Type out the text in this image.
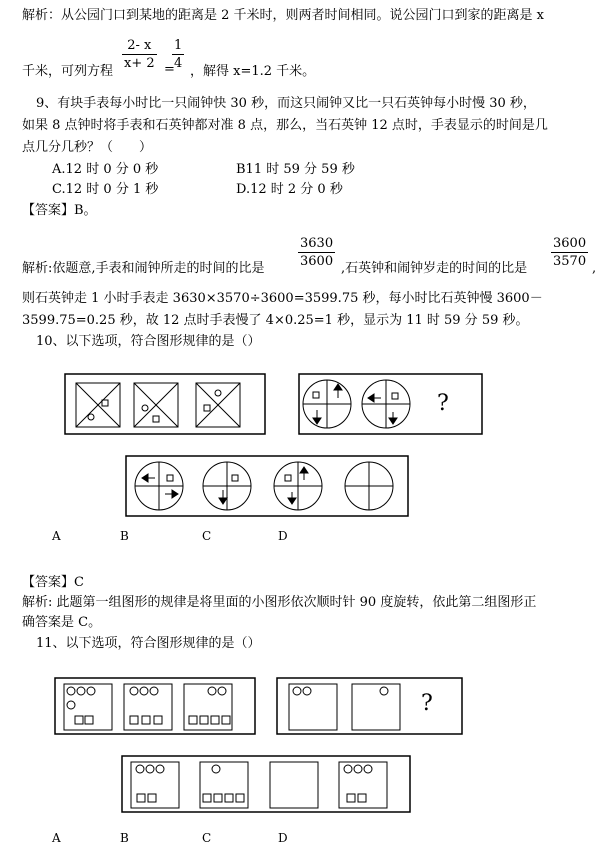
解析：从公园门口到某地的距离是 2 千米时，则两者时间相同。说公园门口到家的距离是 x
2- x
x+ 2 =
1
4
千米，可列方程	，解得 x=1.2 千米。
9、有块手表每小时比一只闹钟快 30 秒，而这只闹钟又比一只石英钟每小时慢 30 秒，
如果 8 点钟时将手表和石英钟都对准 8 点，那么，当石英钟 12 点时，手表显示的时间是几
点几分几秒？（　　）
A.12 时 0 分 0 秒	B11 时 59 分 59 秒
C.12 时 0 分 1 秒	D.12 时 2 分 0 秒
【答案】B。
解析:依题意,手表和闹钟所走的时间的比是
3630
3600 ,石英钟和闹钟岁走的时间的比是
3600
3570 ,
则石英钟走 1 小时手表走 3630×3570÷3600=3599.75 秒，每小时比石英钟慢 3600－
3599.75=0.25 秒，故 12 点时手表慢了 4×0.25=1 秒，显示为 11 时 59 分 59 秒。
10、以下选项，符合图形规律的是（）
?
A	B	C	D
【答案】C
解析: 此题第一组图形的规律是将里面的小图形依次顺时针 90 度旋转，依此第二组图形正
确答案是 C。
11、以下选项，符合图形规律的是（）
?
A	B	C	D
